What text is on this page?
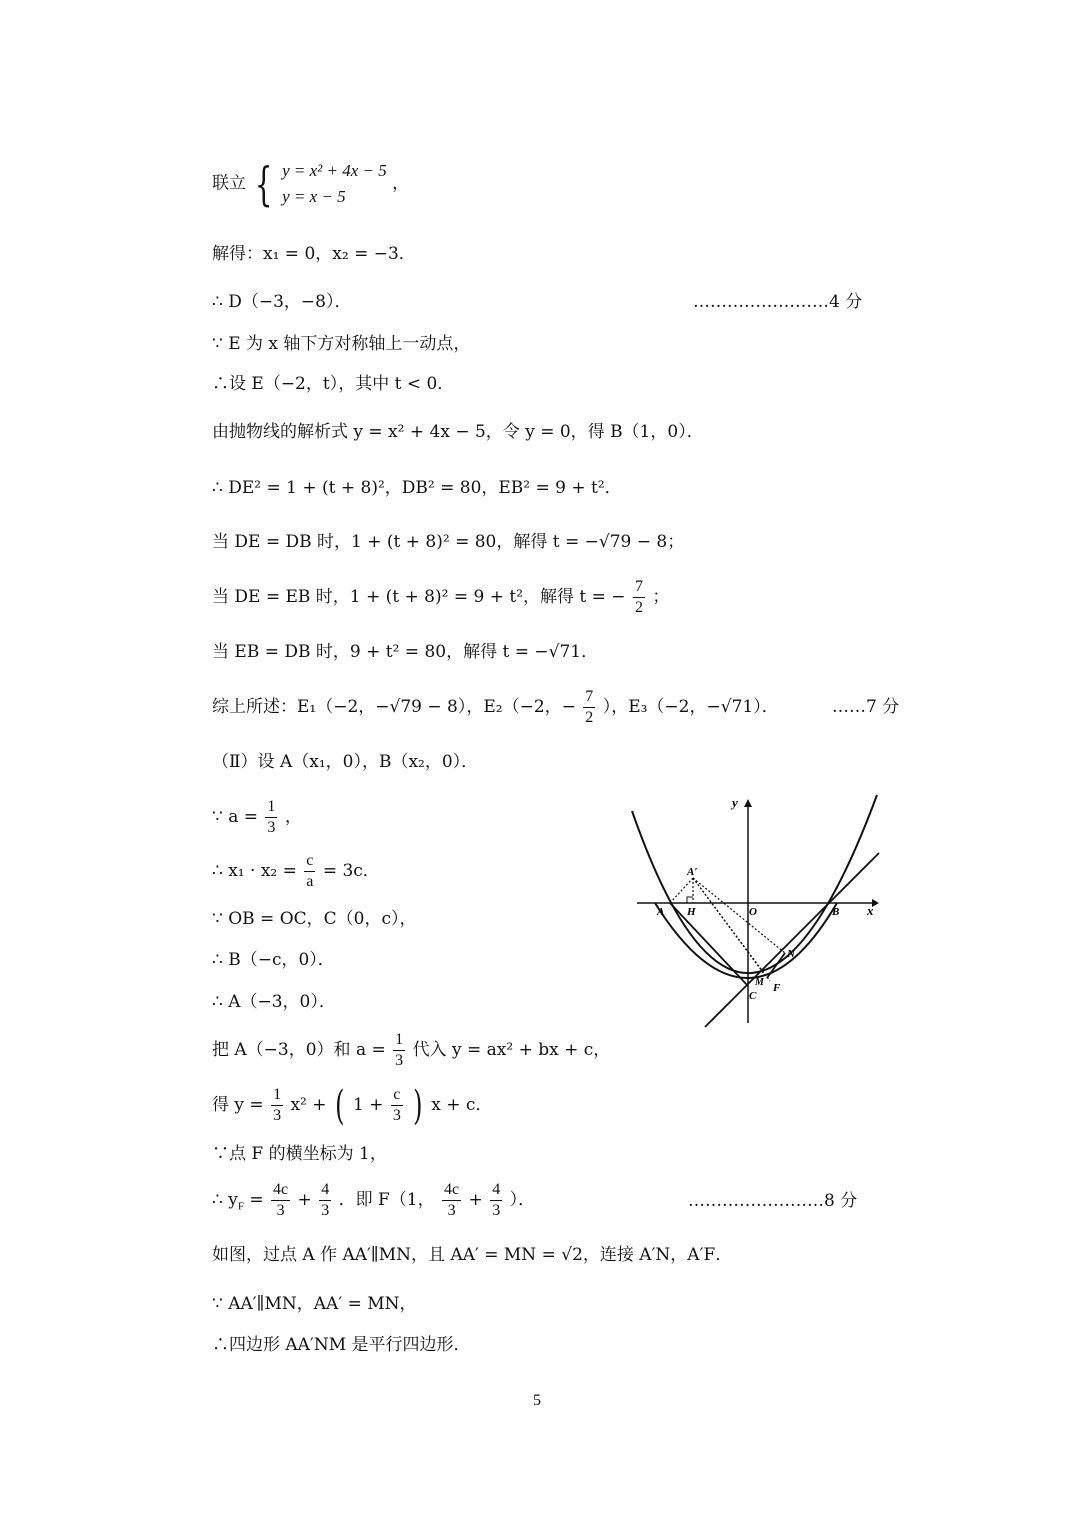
联立 { y = x² + 4x − 5
y = x − 5
，
解得：x₁ = 0，x₂ = −3．
∴ D（−3，−8）．	……………………4 分
∵ E 为 x 轴下方对称轴上一动点，
∴设 E（−2，t），其中 t < 0．
由抛物线的解析式 y = x² + 4x − 5，令 y = 0，得 B（1，0）．
∴ DE² = 1 + (t + 8)²，DB² = 80，EB² = 9 + t²．
当 DE = DB 时，1 + (t + 8)² = 80，解得 t = −√79 − 8；
当 DE = EB 时，1 + (t + 8)² = 9 + t²，解得 t = − $\frac{7}{2}$ ；
当 EB = DB 时，9 + t² = 80，解得 t = −√71．
综上所述：E₁（−2，−√79 − 8），E₂（−2，− $\frac{7}{2}$ ），E₃（−2，−√71）．	……7 分
（Ⅱ）设 A（x₁，0），B（x₂，0）．
∵ $a = \frac{1}{3}$ ，
∴ $x_1 \cdot x_2 = \frac{c}{a} = 3c$．
∵ OB = OC，C（0，c），
∴ B（−c，0）．
∴ A（−3，0）．
把 A（−3，0）和 $a = \frac{1}{3}$ 代入 y = ax² + bx + c，
得 $y = \frac{1}{3} x^2$ + ( $1 + \frac{c}{3}$ ) x + c．
∵点 F 的横坐标为 1，
∴ $y_F = \frac{4c}{3} + \frac{4}{3}$ ．即 F（1， $\frac{4c}{3} + \frac{4}{3}$ ）．	……………………8 分
如图，过点 A 作 AA′∥MN，且 AA′ = MN = √2，连接 A′N，A′F．
∵ AA′∥MN，AA′ = MN，
∴四边形 AA′NM 是平行四边形．
y
x
A′
A H	O	B
N
M
C
F
5
